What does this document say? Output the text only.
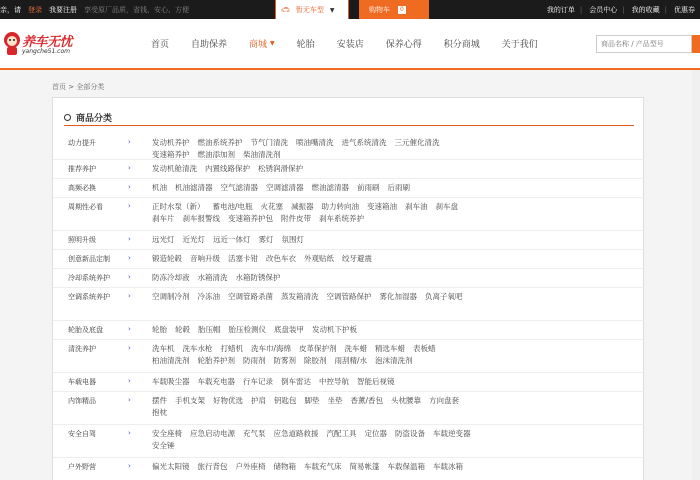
亲，请 登录 我要注册 享受原厂品质，省钱、安心、方便	🚗︎ 暂无车型 ▼	购物车	0	我的订单 | 会员中心 | 我的收藏 | 优惠券
养车无忧
yangche51.com
首页	自助保养	商城 ▼	轮胎	安装店	保养心得	积分商城	关于我们
商品名称 / 产品型号
首页 > 全部分类
商品分类
动力提升	›	发动机养护 燃油系统养护 节气门清洗 喷油嘴清洗 进气系统清洗 三元催化清洗
变速箱养护 燃油添加剂 柴油清洗剂
推荐养护	›	发动机舱清洗 内置线路保护 松锈润滑保护
高频必换	›	机油 机油滤清器 空气滤清器 空调滤清器 燃油滤清器 前雨刷 后雨刷
周期性必看	›	正时水泵（新） 蓄电池/电瓶 火花塞 减振器 助力转向油 变速箱油 刹车油 刹车盘
刹车片 刹车报警线 变速箱养护包 附件皮带 刹车系统养护
照明升级	›	远光灯 近光灯 远近一体灯 雾灯 氛围灯
创意新品定制	›	锻造轮毂 音响升级 活塞卡钳 改色车衣 外观贴纸 绞牙避震
冷却系统养护	›	防冻冷却液 水箱清洗 水箱防锈保护
空调系统养护	›	空调制冷剂 冷冻油 空调管路杀菌 蒸发箱清洗 空调管路保护 雾化加湿器 负离子氧吧
轮胎及底盘	›	轮胎 轮毂 胎压帽 胎压检测仪 底盘装甲 发动机下护板
清洗养护	›	洗车机 洗车水枪 打蜡机 洗车巾/海绵 皮革保护剂 洗车蜡 精选车蜡 表板蜡
柏油清洗剂 轮胎养护剂 防雨剂 防雾剂 除胶剂 雨刮精/水 泡沫清洗剂
车载电器	›	车载吸尘器 车载充电器 行车记录 倒车雷达 中控导航 智能后视镜
内饰精品	›	摆件 手机支架 好物优选 护肩 钥匙包 脚垫 坐垫 香薰/香包 头枕腰靠 方向盘套
抱枕
安全自驾	›	安全座椅 应急启动电源 充气泵 应急道路救援 汽配工具 定位器 防盗设备 车载逆变器
安全锤
户外野营	›	偏光太阳镜 旅行背包 户外座椅 储物箱 车载充气床 简易帐篷 车载保温箱 车载冰箱
